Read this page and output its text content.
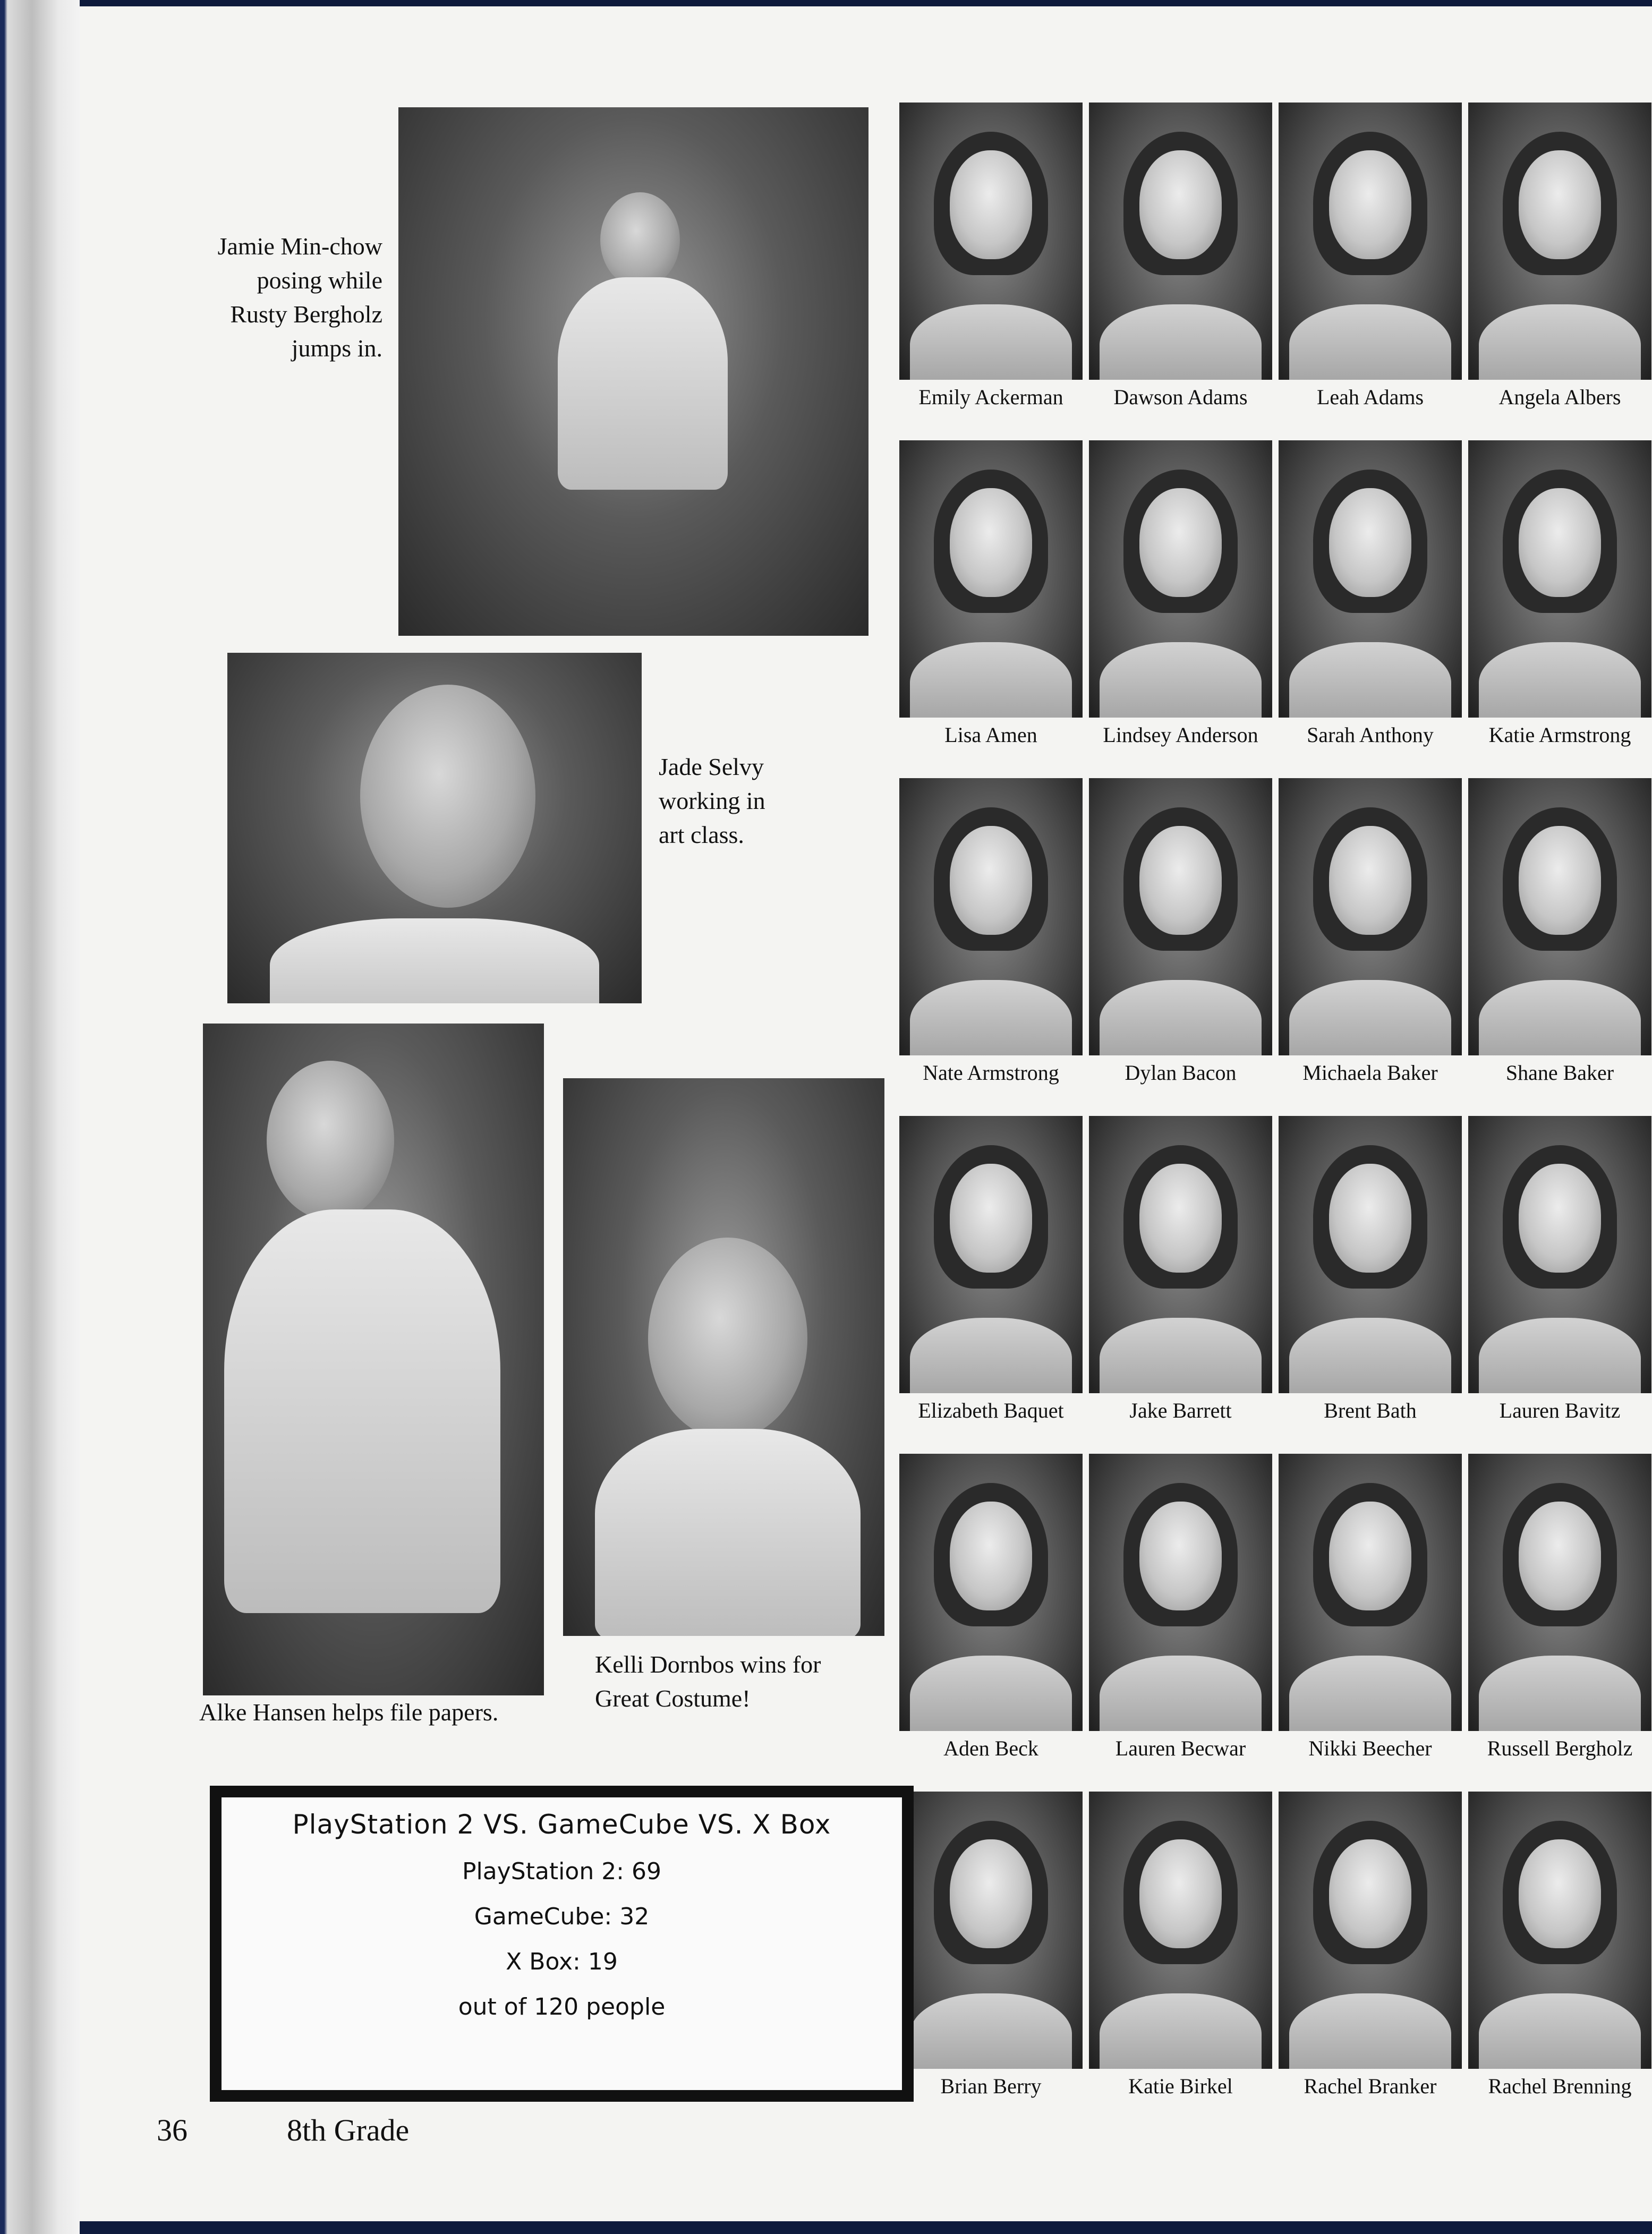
Jamie Min-chow posing while Rusty Bergholz jumps in.
Jade Selvy working in art class.
Alke Hansen helps file papers.
Kelli Dornbos wins for Great Costume!
Emily Ackerman	Dawson Adams	Leah Adams	Angela Albers
Lisa Amen	Lindsey Anderson	Sarah Anthony	Katie Armstrong
Nate Armstrong	Dylan Bacon	Michaela Baker	Shane Baker
Elizabeth Baquet	Jake Barrett	Brent Bath	Lauren Bavitz
Aden Beck	Lauren Becwar	Nikki Beecher	Russell Bergholz
Brian Berry	Katie Birkel	Rachel Branker	Rachel Brenning
PlayStation 2 VS. GameCube VS. X Box
PlayStation 2: 69
GameCube: 32
X Box: 19
out of 120 people
36	8th Grade
